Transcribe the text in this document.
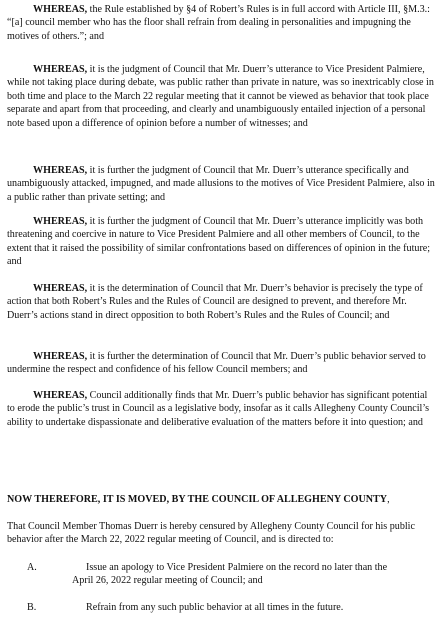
WHEREAS, the Rule established by §4 of Robert’s Rules is in full accord with Article III, §M.3.: “[a] council member who has the floor shall refrain from dealing in personalities and impugning the motives of others.”; and
WHEREAS, it is the judgment of Council that Mr. Duerr’s utterance to Vice President Palmiere, while not taking place during debate, was public rather than private in nature, was so inextricably close in both time and place to the March 22 regular meeting that it cannot be viewed as behavior that took place separate and apart from that proceeding, and clearly and unambiguously entailed injection of a personal note based upon a difference of opinion before a number of witnesses; and
WHEREAS, it is further the judgment of Council that Mr. Duerr’s utterance specifically and unambiguously attacked, impugned, and made allusions to the motives of Vice President Palmiere, also in a public rather than private setting; and
WHEREAS, it is further the judgment of Council that Mr. Duerr’s utterance implicitly was both threatening and coercive in nature to Vice President Palmiere and all other members of Council, to the extent that it raised the possibility of similar confrontations based on differences of opinion in the future; and
WHEREAS, it is the determination of Council that Mr. Duerr’s behavior is precisely the type of action that both Robert’s Rules and the Rules of Council are designed to prevent, and therefore Mr. Duerr’s actions stand in direct opposition to both Robert’s Rules and the Rules of Council; and
WHEREAS, it is further the determination of Council that Mr. Duerr’s public behavior served to undermine the respect and confidence of his fellow Council members; and
WHEREAS, Council additionally finds that Mr. Duerr’s public behavior has significant potential to erode the public’s trust in Council as a legislative body, insofar as it calls Allegheny County Council’s ability to undertake dispassionate and deliberative evaluation of the matters before it into question; and
NOW THEREFORE, IT IS MOVED, BY THE COUNCIL OF ALLEGHENY COUNTY,
That Council Member Thomas Duerr is hereby censured by Allegheny County Council for his public behavior after the March 22, 2022 regular meeting of Council, and is directed to:
A.	Issue an apology to Vice President Palmiere on the record no later than the
April 26, 2022 regular meeting of Council; and
B.	Refrain from any such public behavior at all times in the future.
